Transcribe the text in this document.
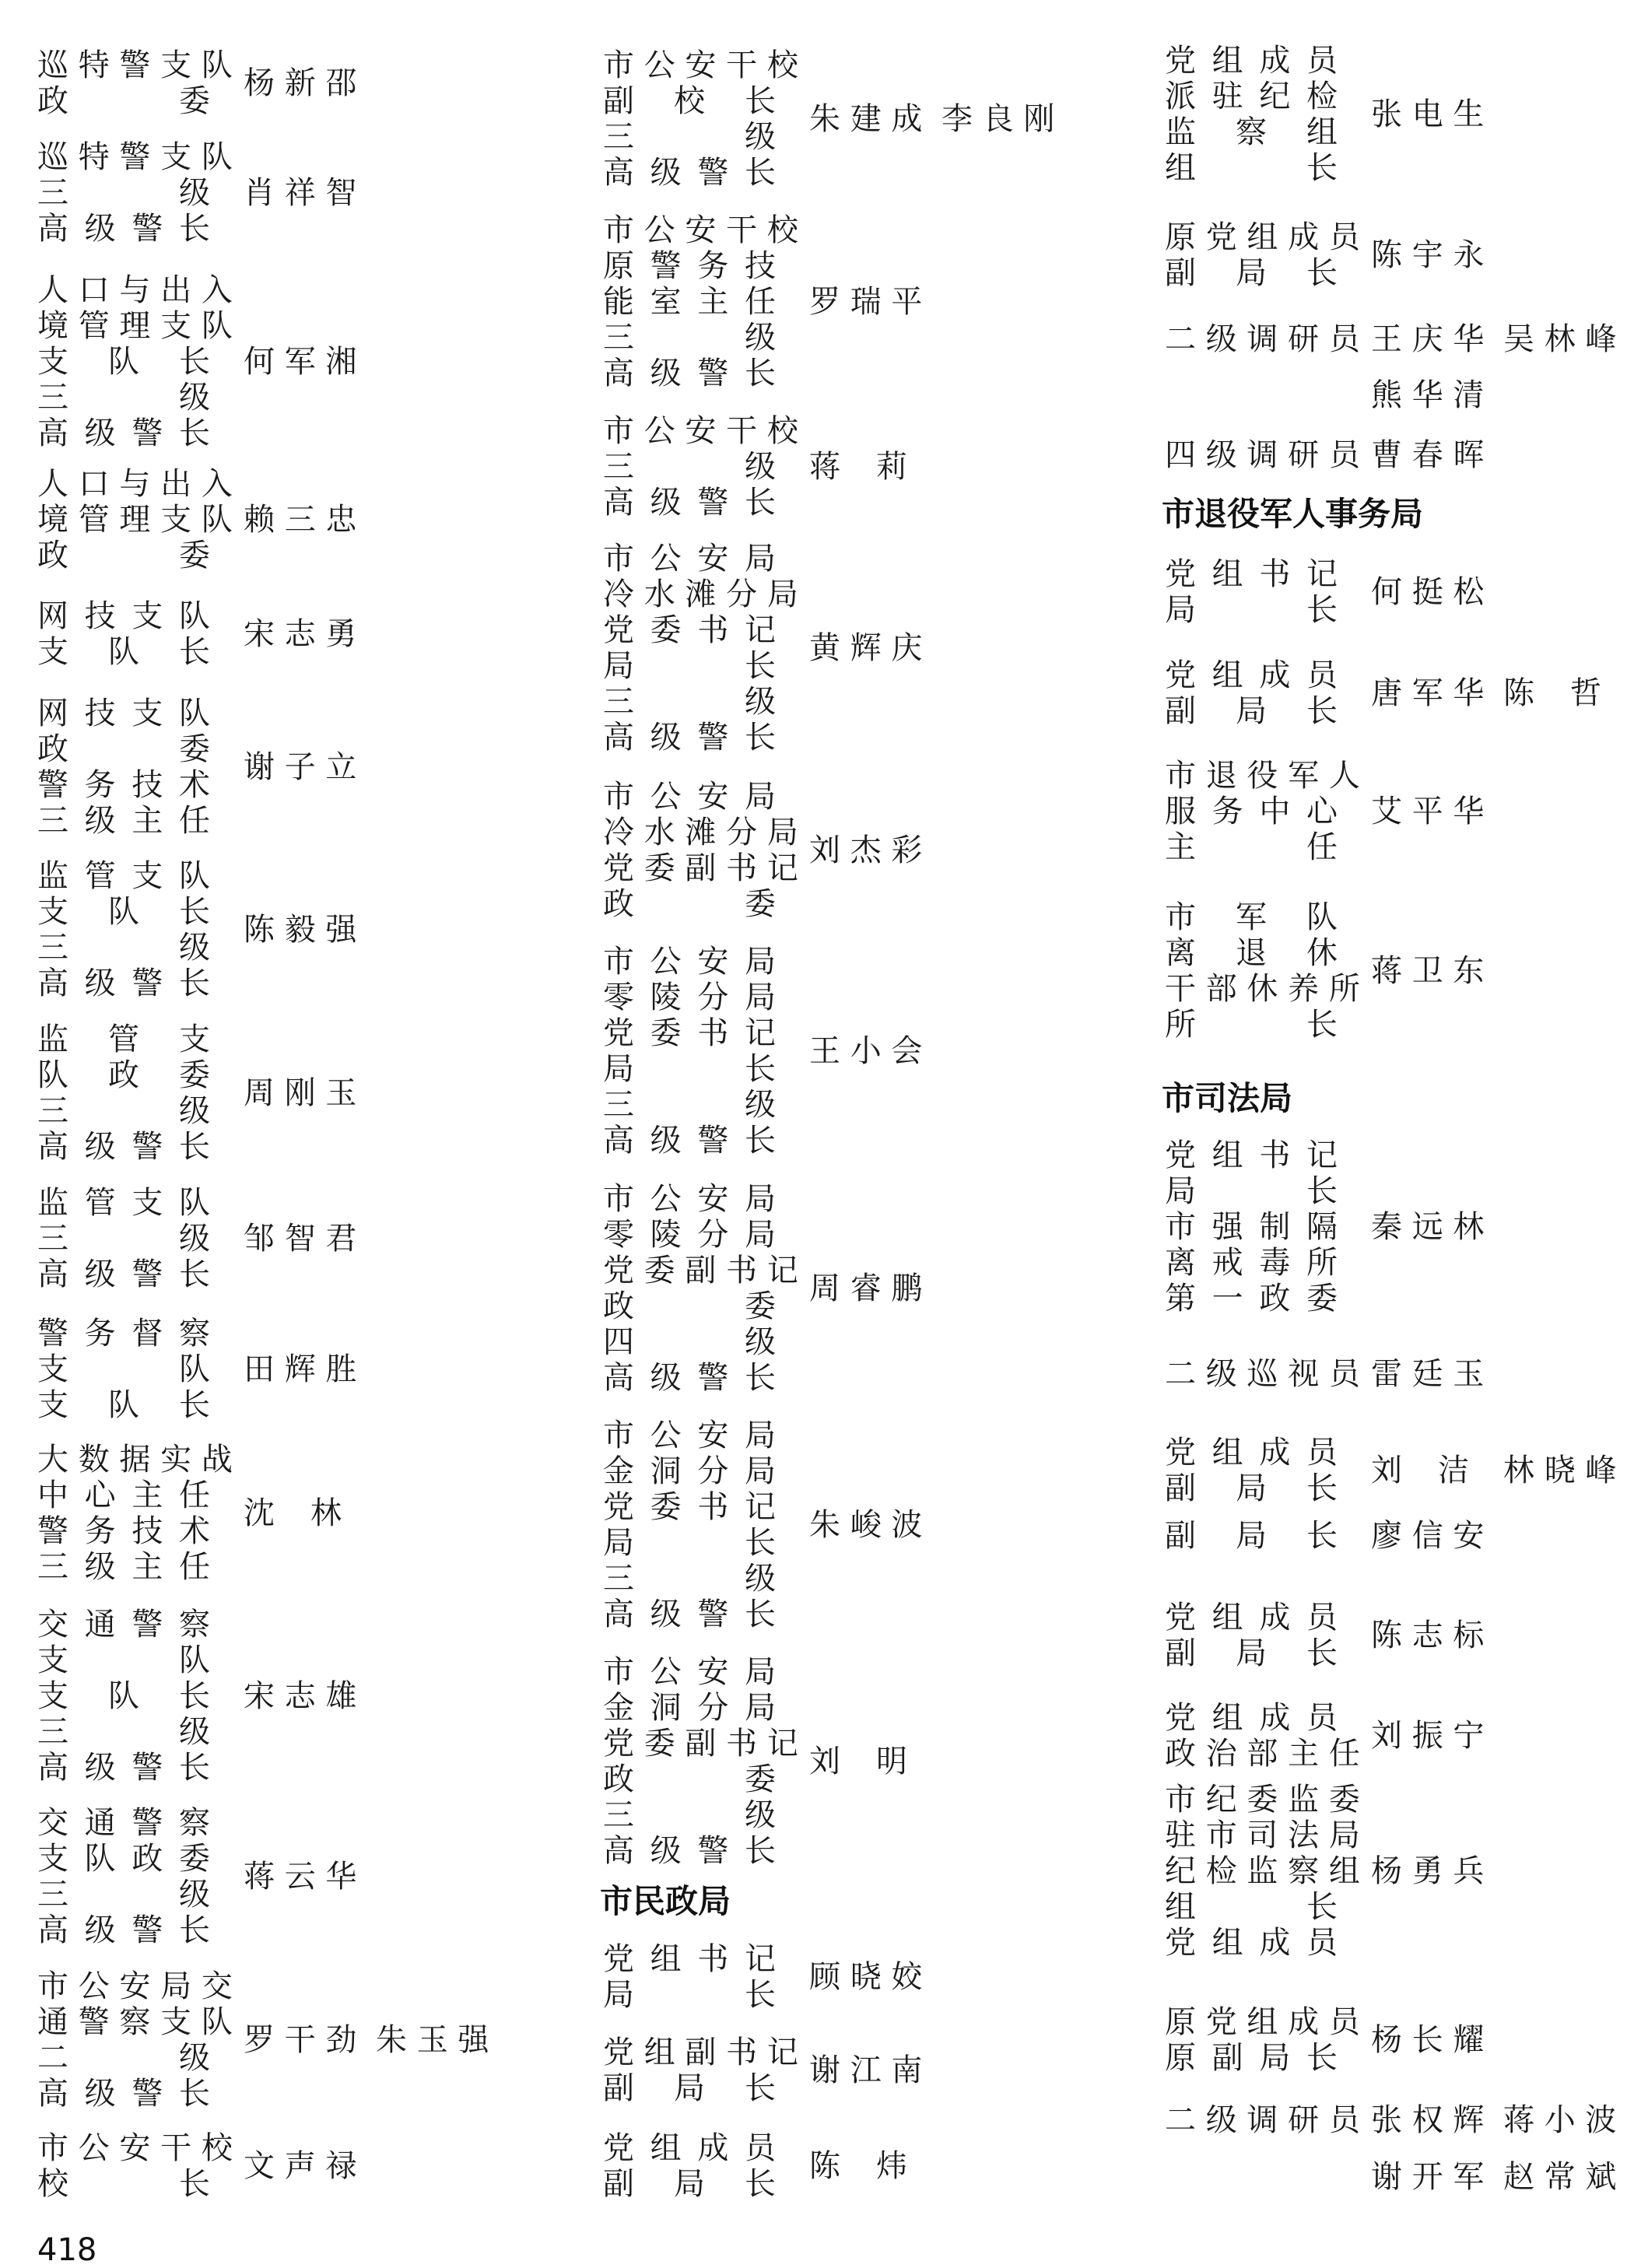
巡 特 警 支 队
政 委 杨 新 邵
巡 特 警 支 队
三 级
高 级 警 长
肖 祥 智
人 口 与 出 入
境 管 理 支 队
支 队 长
三 级
高 级 警 长
何 军 湘
人 口 与 出 入
境 管 理 支 队
政 委
赖 三 忠
网 技 支 队
支 队 长 宋 志 勇
网 技 支 队
政 委
警 务 技 术
三 级 主 任
谢 子 立
监 管 支 队
支 队 长
三 级
高 级 警 长
陈 毅 强
监 管 支
队 政 委
三 级
高 级 警 长
周 刚 玉
监 管 支 队
三 级
高 级 警 长
邹 智 君
警 务 督 察
支 队
支 队 长
田 辉 胜
大 数 据 实 战
中 心 主 任
警 务 技 术
三 级 主 任
沈 林
交 通 警 察
支 队
支 队 长
三 级
高 级 警 长
宋 志 雄
交 通 警 察
支 队 政 委
三 级
高 级 警 长
蒋 云 华
市 公 安 局 交
通 警 察 支 队
二 级
高 级 警 长
罗 干 劲 朱 玉 强
市 公 安 干 校
校 长 文 声 禄
市 公 安 干 校
副 校 长
三 级
高 级 警 长
朱 建 成 李 良 刚
市 公 安 干 校
原 警 务 技
能 室 主 任
三 级
高 级 警 长
罗 瑞 平
市 公 安 干 校
三 级
高 级 警 长
蒋 莉
市 公 安 局
冷 水 滩 分 局
党 委 书 记
局 长
三 级
高 级 警 长
黄 辉 庆
市 公 安 局
冷 水 滩 分 局
党 委 副 书 记
政 委
刘 杰 彩
市 公 安 局
零 陵 分 局
党 委 书 记
局 长
三 级
高 级 警 长
王 小 会
市 公 安 局
零 陵 分 局
党 委 副 书 记
政 委
四 级
高 级 警 长
周 睿 鹏
市 公 安 局
金 洞 分 局
党 委 书 记
局 长
三 级
高 级 警 长
朱 峻 波
市 公 安 局
金 洞 分 局
党 委 副 书 记
政 委
三 级
高 级 警 长
刘 明
市民政局
党 组 书 记
局 长 顾 晓 姣
党 组 副 书 记
副 局 长 谢 江 南
党 组 成 员
副 局 长 陈 炜
党 组 成 员
派 驻 纪 检
监 察 组
组 长
张 电 生
原 党 组 成 员
副 局 长 陈 宇 永
二 级 调 研 员 王 庆 华 吴 林 峰
熊 华 清
四 级 调 研 员 曹 春 晖
市退役军人事务局
党 组 书 记
局 长 何 挺 松
党 组 成 员
副 局 长 唐 军 华 陈 哲
市 退 役 军 人
服 务 中 心
主 任
艾 平 华
市 军 队
离 退 休
干 部 休 养 所
所 长
蒋 卫 东
市司法局
党 组 书 记
局 长
市 强 制 隔
离 戒 毒 所
第 一 政 委
秦 远 林
二 级 巡 视 员 雷 廷 玉
党 组 成 员
副 局 长 刘 洁 林 晓 峰
副 局 长 廖 信 安
党 组 成 员
副 局 长 陈 志 标
党 组 成 员
政 治 部 主 任 刘 振 宁
市 纪 委 监 委
驻 市 司 法 局
纪 检 监 察 组
组 长
党 组 成 员
杨 勇 兵
原 党 组 成 员
原 副 局 长 杨 长 耀
二 级 调 研 员 张 权 辉 蒋 小 波
谢 开 军 赵 常 斌
418
